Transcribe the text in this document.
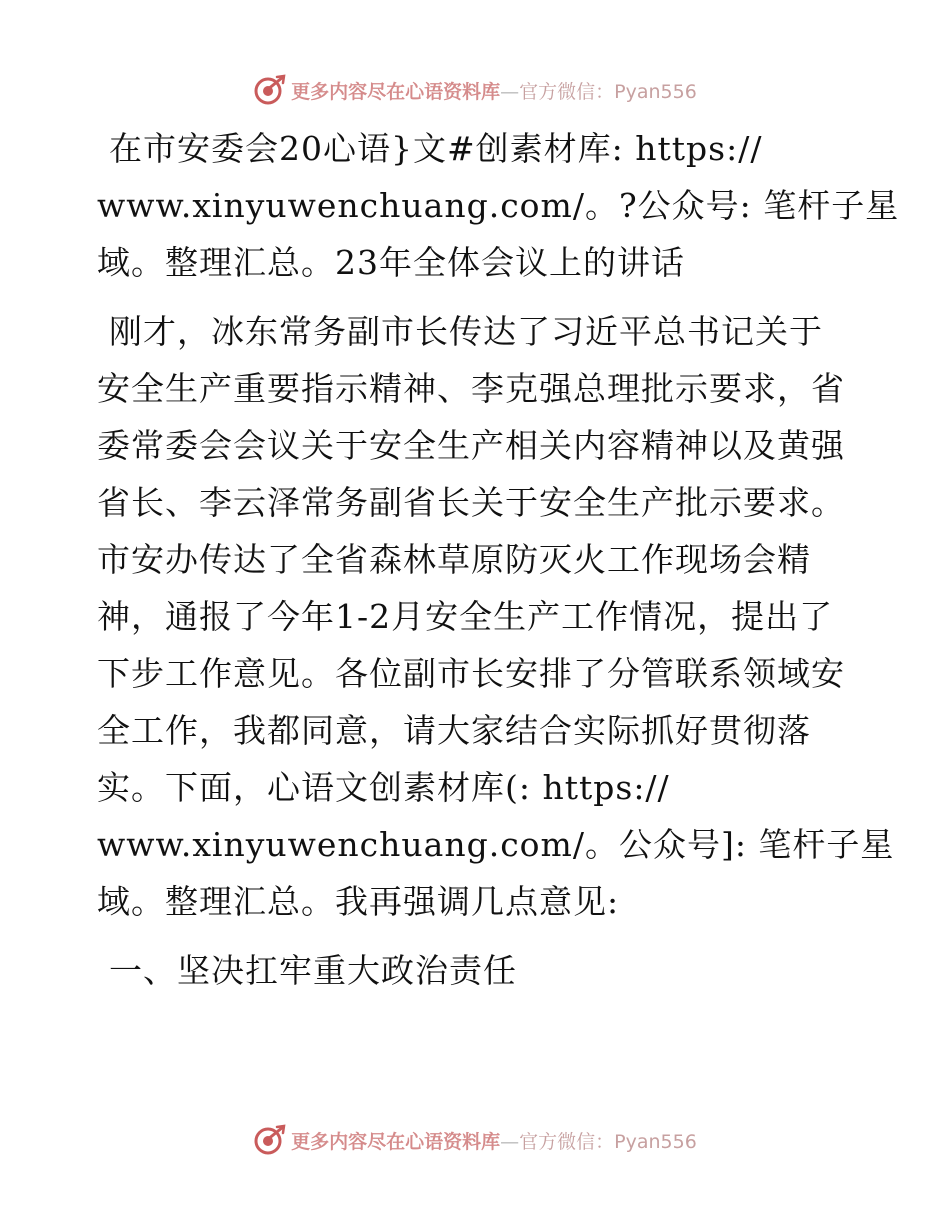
更多内容尽在心语资料库—官方微信：Pyan556
在市安委会20心语}文#创素材库: https://
www.xinyuwenchuang.com/。?公众号: 笔杆子星
域。整理汇总。23年全体会议上的讲话
刚才，冰东常务副市长传达了习近平总书记关于
安全生产重要指示精神、李克强总理批示要求，省
委常委会会议关于安全生产相关内容精神以及黄强
省长、李云泽常务副省长关于安全生产批示要求。
市安办传达了全省森林草原防灭火工作现场会精
神，通报了今年1-2月安全生产工作情况，提出了
下步工作意见。各位副市长安排了分管联系领域安
全工作，我都同意，请大家结合实际抓好贯彻落
实。下面，心语文创素材库(: https://
www.xinyuwenchuang.com/。公众号]: 笔杆子星
域。整理汇总。我再强调几点意见:
一、坚决扛牢重大政治责任
更多内容尽在心语资料库—官方微信：Pyan556
